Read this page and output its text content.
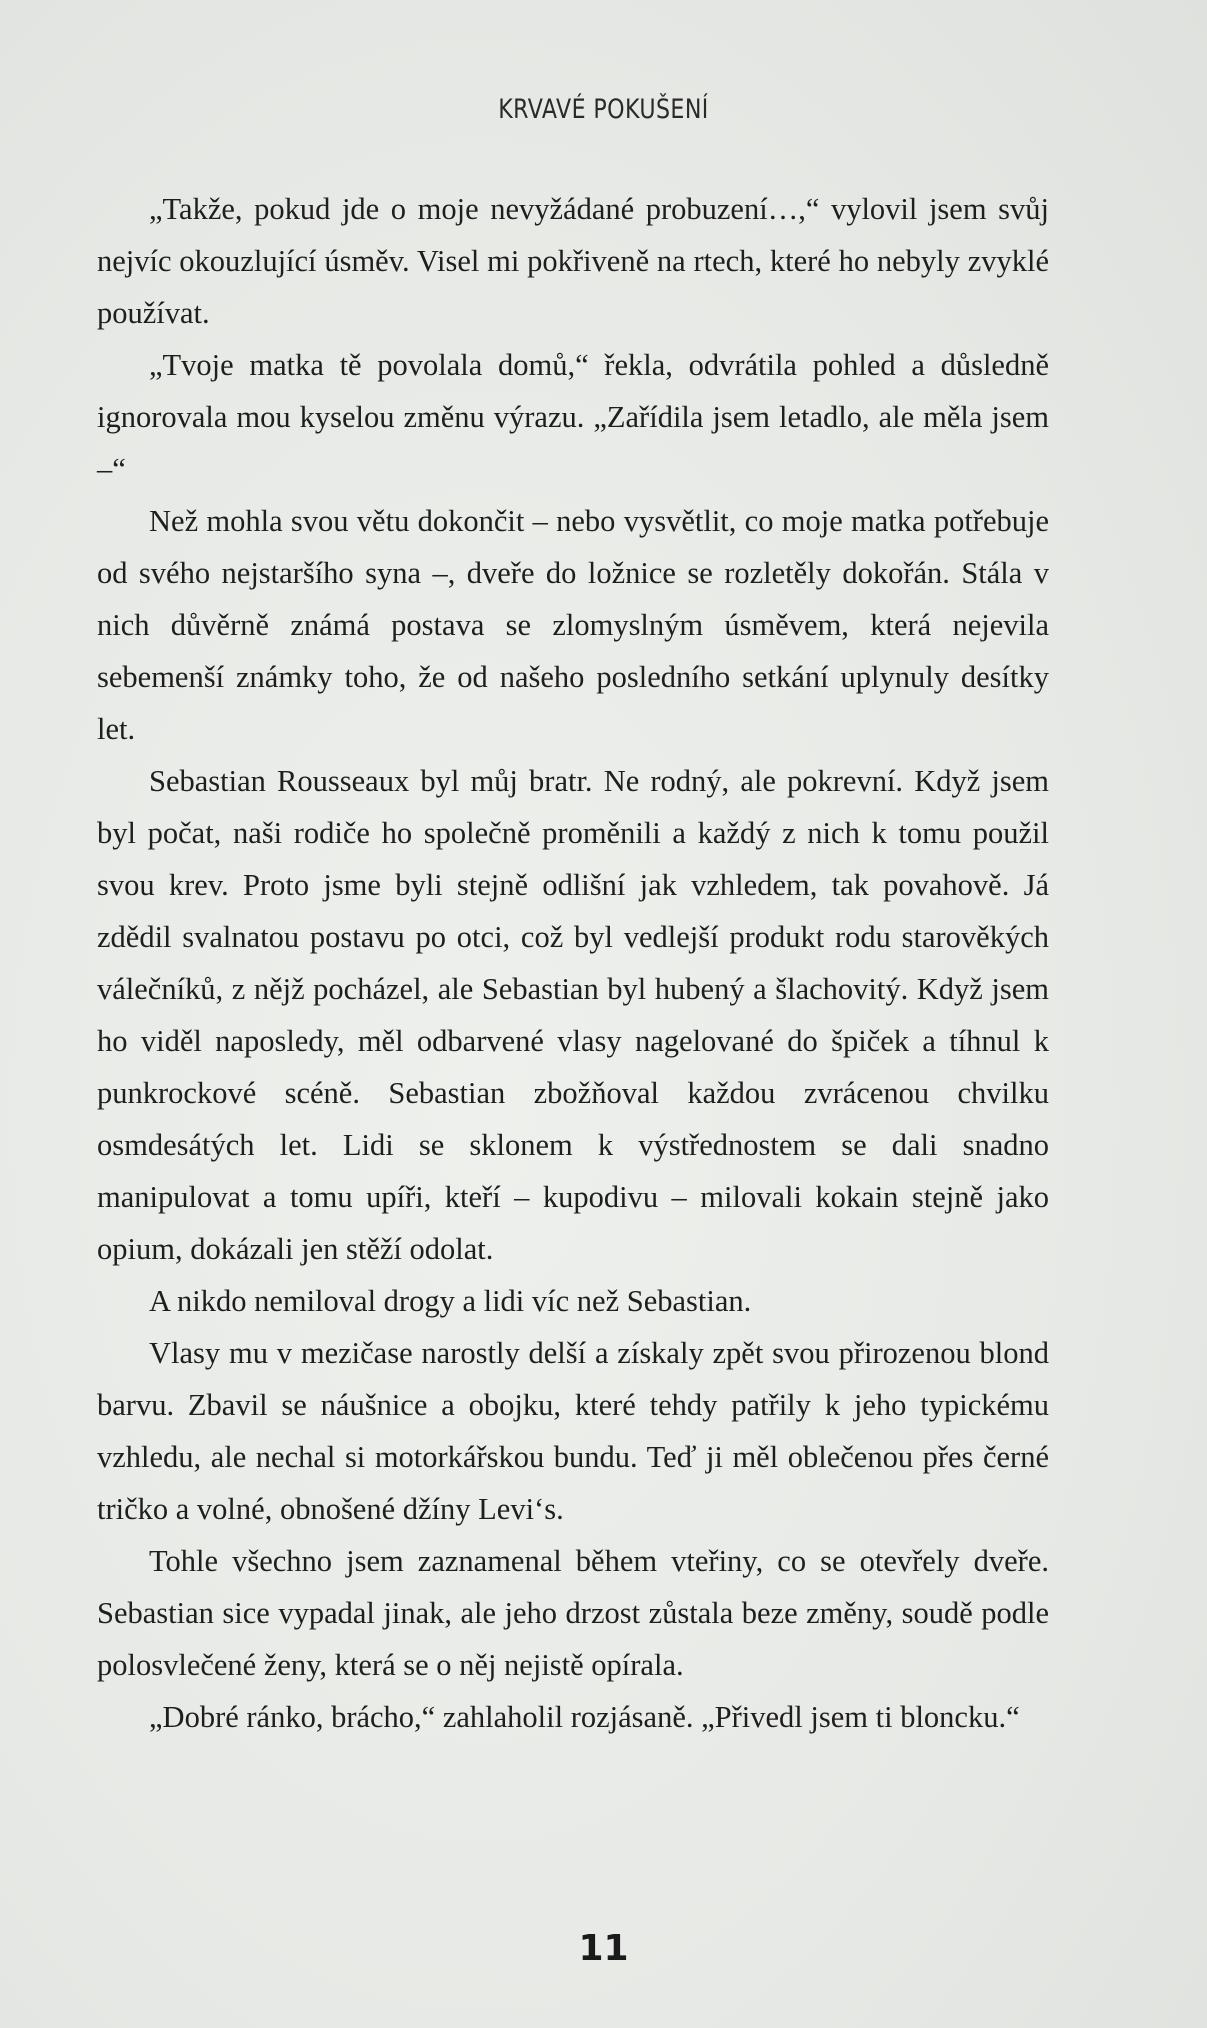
KRVAVÉ POKUŠENÍ

„Takže, pokud jde o moje nevyžádané probuzení…,“ vylovil jsem svůj nejvíc okouzlující úsměv. Visel mi pokřiveně na rtech, které ho nebyly zvyklé používat.

„Tvoje matka tě povolala domů,“ řekla, odvrátila pohled a důsledně ignorovala mou kyselou změnu výrazu. „Zařídila jsem letadlo, ale měla jsem –“

Než mohla svou větu dokončit – nebo vysvětlit, co moje matka potřebuje od svého nejstaršího syna –, dveře do ložnice se rozletěly dokořán. Stála v nich důvěrně známá postava se zlomyslným úsměvem, která nejevila sebemenší známky toho, že od našeho posledního setkání uplynuly desítky let.

Sebastian Rousseaux byl můj bratr. Ne rodný, ale pokrevní. Když jsem byl počat, naši rodiče ho společně proměnili a každý z nich k tomu použil svou krev. Proto jsme byli stejně odlišní jak vzhledem, tak povahově. Já zdědil svalnatou postavu po otci, což byl vedlejší produkt rodu starověkých válečníků, z nějž pocházel, ale Sebastian byl hubený a šlachovitý. Když jsem ho viděl naposledy, měl odbarvené vlasy nagelované do špiček a tíhnul k punkrockové scéně. Sebastian zbožňoval každou zvrácenou chvilku osmdesátých let. Lidi se sklonem k výstřednostem se dali snadno manipulovat a tomu upíři, kteří – kupodivu – milovali kokain stejně jako opium, dokázali jen stěží odolat.

A nikdo nemiloval drogy a lidi víc než Sebastian.

Vlasy mu v mezičase narostly delší a získaly zpět svou přirozenou blond barvu. Zbavil se náušnice a obojku, které tehdy patřily k jeho typickému vzhledu, ale nechal si motorkářskou bundu. Teď ji měl oblečenou přes černé tričko a volné, obnošené džíny Levi‘s.

Tohle všechno jsem zaznamenal během vteřiny, co se otevřely dveře. Sebastian sice vypadal jinak, ale jeho drzost zůstala beze změny, soudě podle polosvlečené ženy, která se o něj nejistě opírala.

„Dobré ránko, brácho,“ zahlaholil rozjásaně. „Přivedl jsem ti bloncku.“

11
